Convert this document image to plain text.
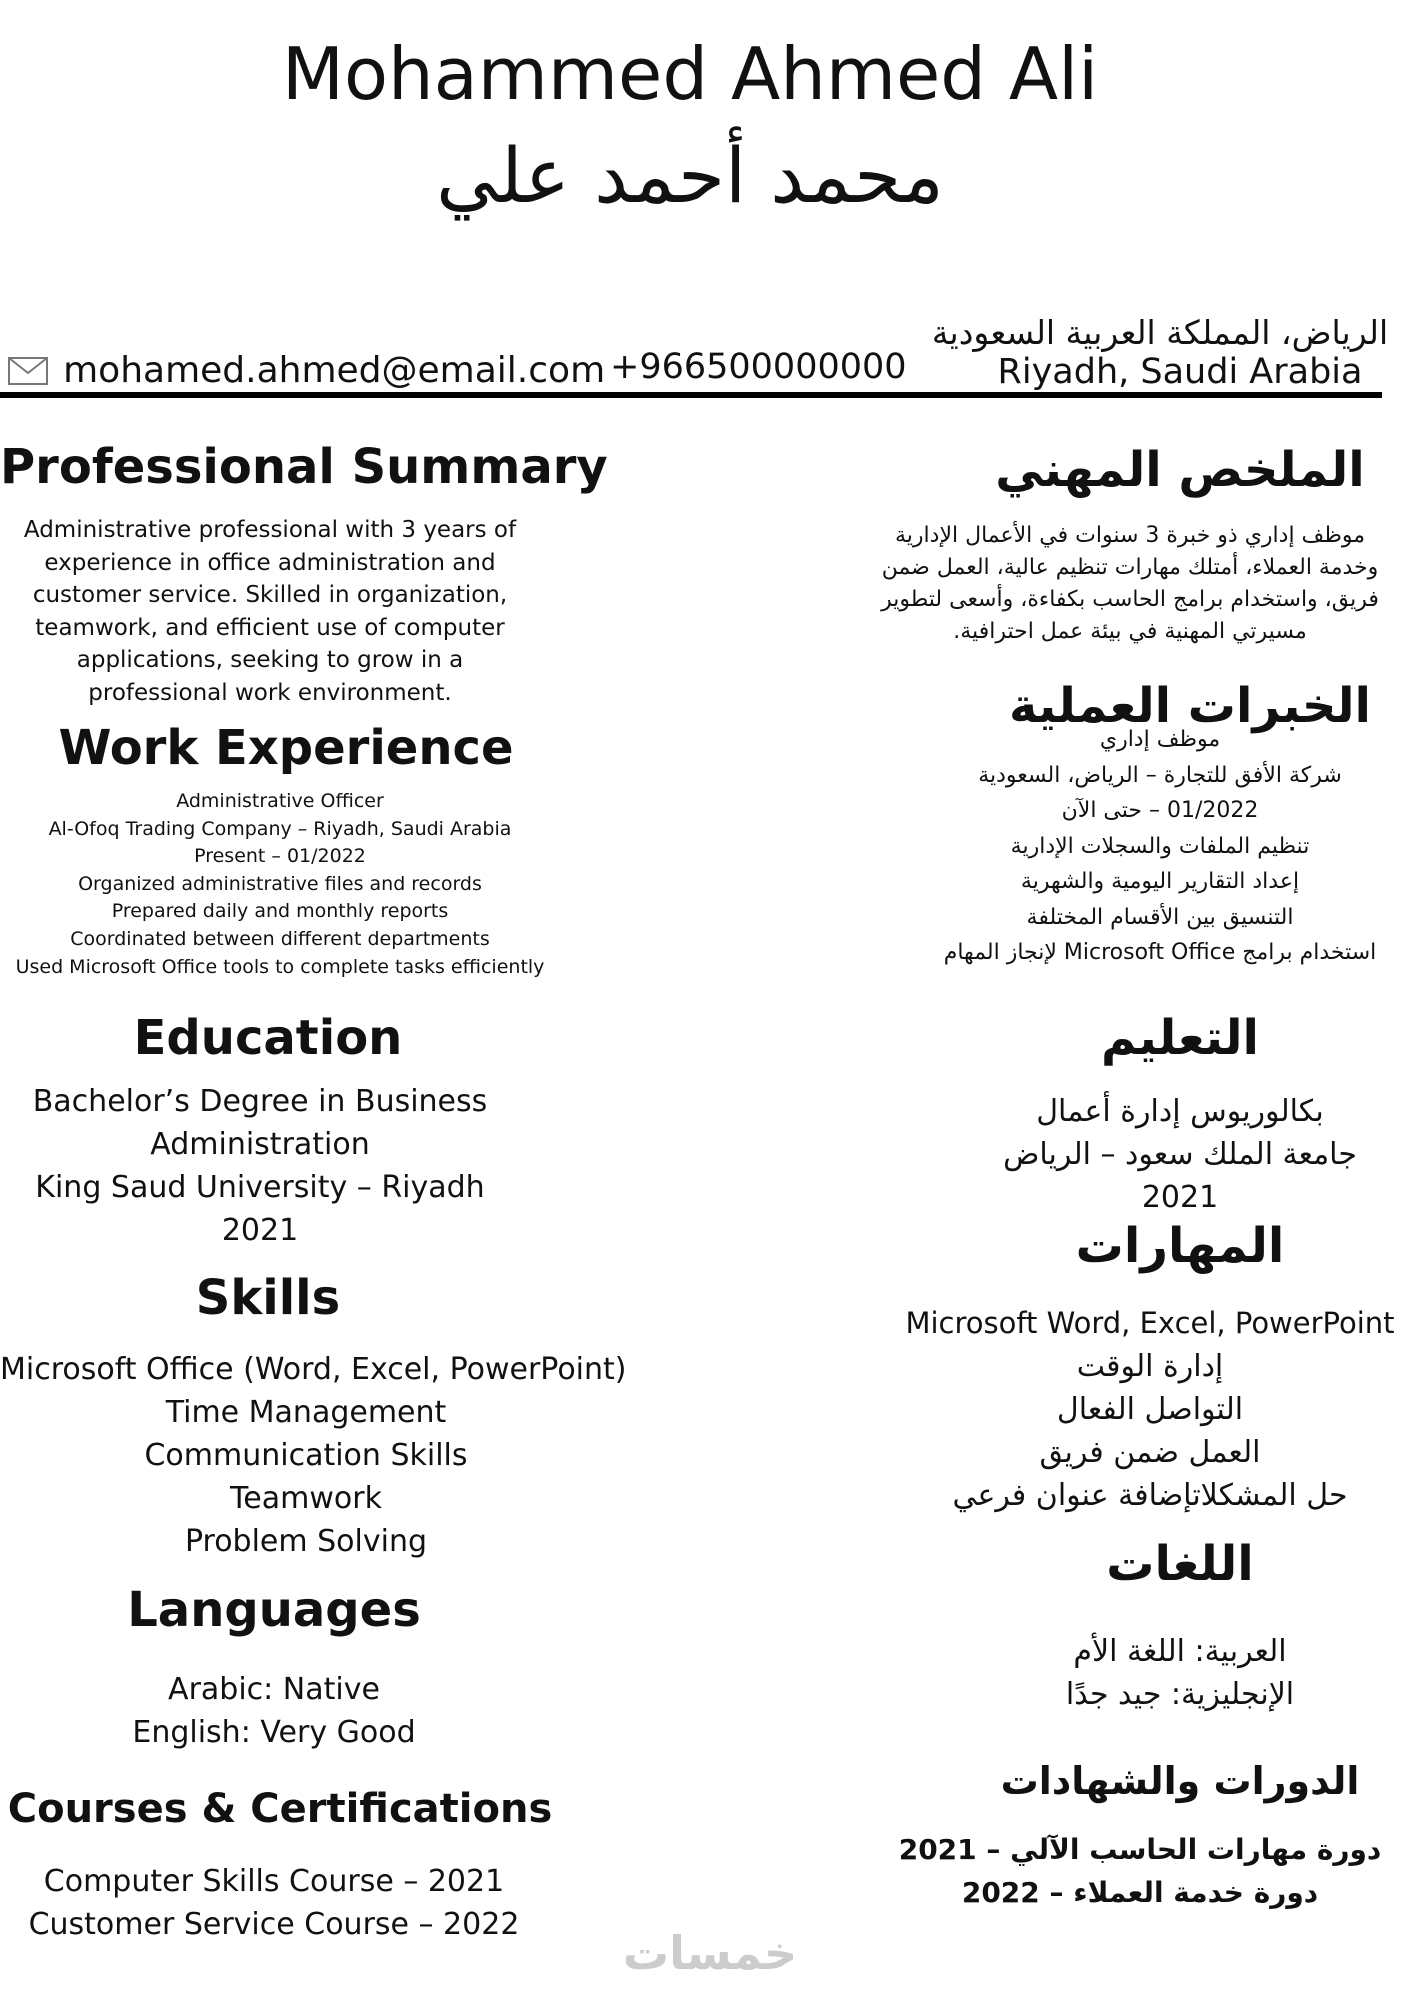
Mohammed Ahmed Ali
محمد أحمد علي
mohamed.ahmed@email.com +966500000000
الرياض، المملكة العربية السعودية
Riyadh, Saudi Arabia
Professional Summary
Administrative professional with 3 years of experience in office administration and customer service. Skilled in organization, teamwork, and efficient use of computer applications, seeking to grow in a professional work environment.
Work Experience
Administrative Officer
Al-Ofoq Trading Company – Riyadh, Saudi Arabia
Present – 01/2022
Organized administrative files and records
Prepared daily and monthly reports
Coordinated between different departments
Used Microsoft Office tools to complete tasks efficiently
Education
Bachelor’s Degree in Business
Administration
King Saud University – Riyadh
2021
Skills
Microsoft Office (Word, Excel, PowerPoint)
Time Management
Communication Skills
Teamwork
Problem Solving
Languages
Arabic: Native
English: Very Good
Courses & Certifications
Computer Skills Course – 2021
Customer Service Course – 2022
الملخص المهني
موظف إداري ذو خبرة 3 سنوات في الأعمال الإدارية
وخدمة العملاء، أمتلك مهارات تنظيم عالية، العمل ضمن
فريق، واستخدام برامج الحاسب بكفاءة، وأسعى لتطوير
مسيرتي المهنية في بيئة عمل احترافية.
الخبرات العملية
موظف إداري
شركة الأفق للتجارة – الرياض، السعودية
01/2022 – حتى الآن
تنظيم الملفات والسجلات الإدارية
إعداد التقارير اليومية والشهرية
التنسيق بين الأقسام المختلفة
استخدام برامج Microsoft Office لإنجاز المهام
التعليم
بكالوريوس إدارة أعمال
جامعة الملك سعود – الرياض
2021
المهارات
Microsoft Word, Excel, PowerPoint
إدارة الوقت
التواصل الفعال
العمل ضمن فريق
حل المشكلاتإضافة عنوان فرعي
اللغات
العربية: اللغة الأم
الإنجليزية: جيد جدًا
الدورات والشهادات
دورة مهارات الحاسب الآلي – 2021
دورة خدمة العملاء – 2022
خمسات
